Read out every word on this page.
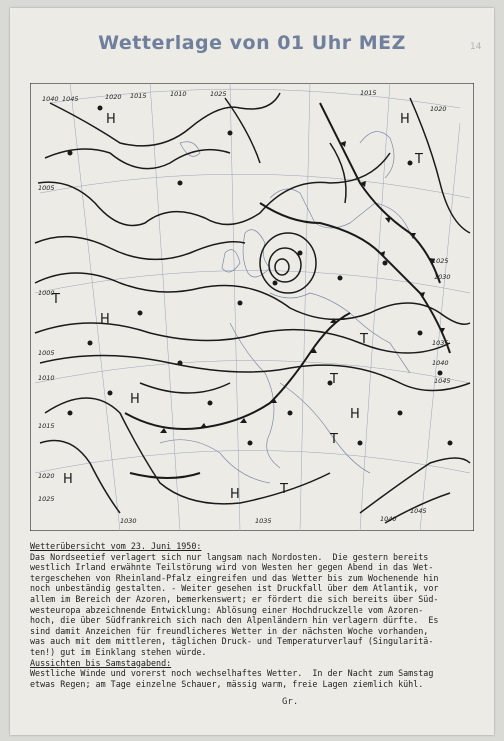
Wetterlage von 01 Uhr MEZ	14
1040 1045	1020 1015	1010	1025
1005
1000
1005
1010
1015
1020
1025
1030	1035	1040
1045
1015
1020
1025
1030
1035
1040
1045
H	H
T
T
H
T
H
H
T
H
H	T
T
Wetterübersicht vom 23. Juni 1950:
Das Nordseetief verlagert sich nur langsam nach Nordosten.  Die gestern bereits
westlich Irland erwähnte Teilstörung wird von Westen her gegen Abend in das Wet-
tergeschehen von Rheinland-Pfalz eingreifen und das Wetter bis zum Wochenende hin
noch unbeständig gestalten. - Weiter gesehen ist Druckfall über dem Atlantik, vor
allem im Bereich der Azoren, bemerkenswert; er fördert die sich bereits über Süd-
westeuropa abzeichnende Entwicklung: Ablösung einer Hochdruckzelle vom Azoren-
hoch, die über Südfrankreich sich nach den Alpenländern hin verlagern dürfte.  Es
sind damit Anzeichen für freundlicheres Wetter in der nächsten Woche vorhanden,
was auch mit dem mittleren, täglichen Druck- und Temperaturverlauf (Singularitä-
ten!) gut im Einklang stehen würde.
Aussichten bis Samstagabend:
Westliche Winde und vorerst noch wechselhaftes Wetter.  In der Nacht zum Samstag
etwas Regen; am Tage einzelne Schauer, mässig warm, freie Lagen ziemlich kühl.
Gr.
